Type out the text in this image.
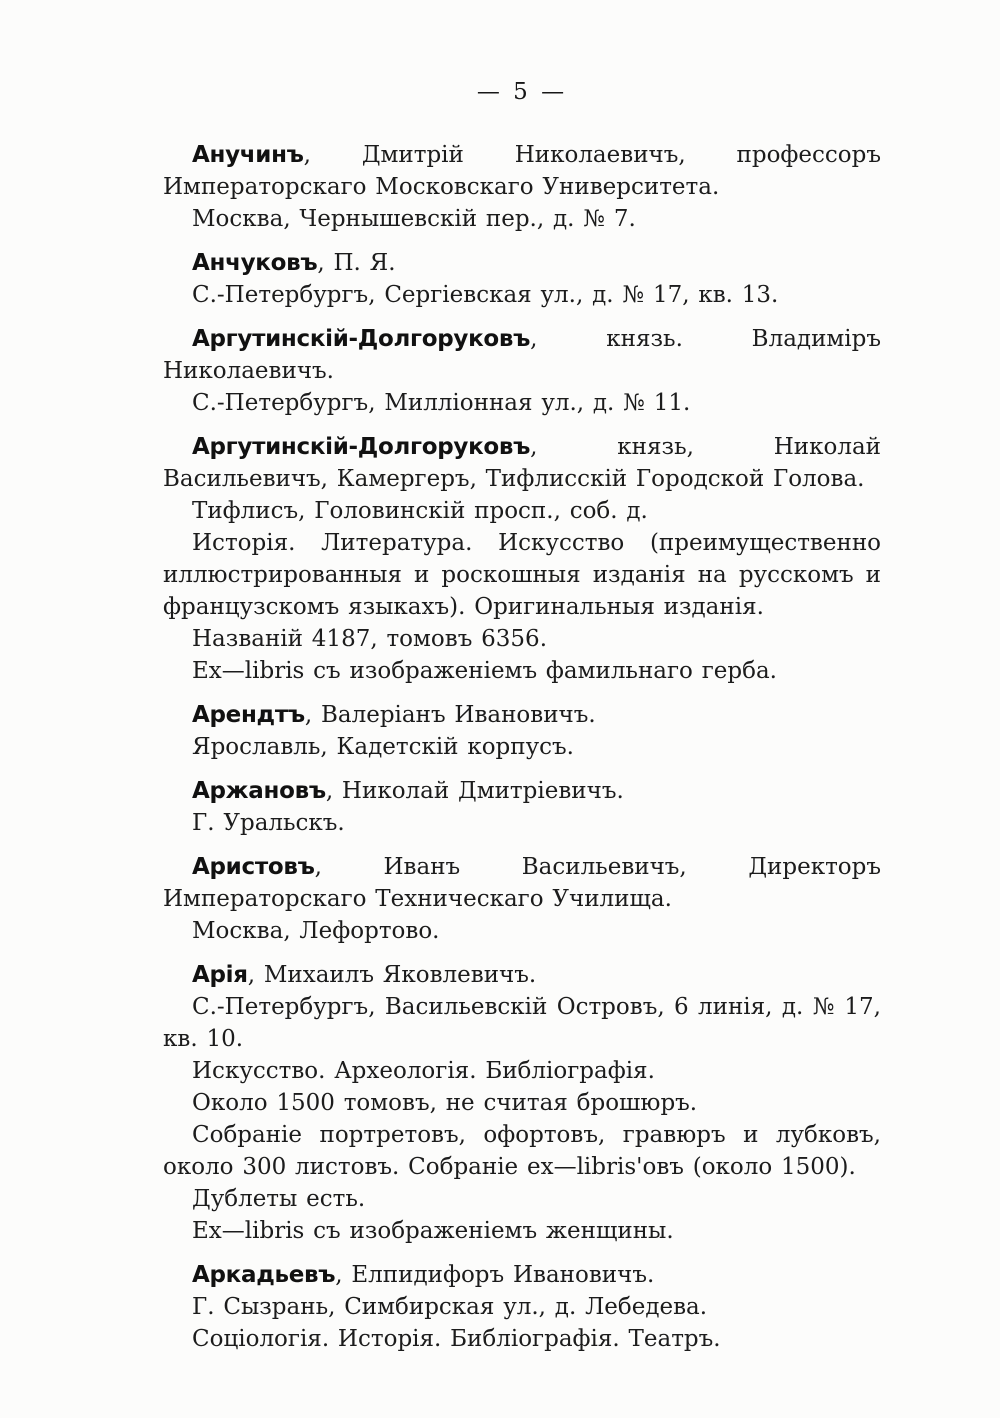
— 5 —

Анучинъ, Дмитрій Николаевичъ, профессоръ Императорскаго Московскаго Университета.

Москва, Чернышевскій пер., д. № 7.

Анчуковъ, П. Я.

С.-Петербургъ, Сергіевская ул., д. № 17, кв. 13.

Аргутинскій-Долгоруковъ, князь. Владиміръ Николаевичъ.

С.-Петербургъ, Милліонная ул., д. № 11.

Аргутинскій-Долгоруковъ, князь, Николай Васильевичъ, Камергеръ, Тифлисскій Городской Голова.

Тифлисъ, Головинскій просп., соб. д.

Исторія. Литература. Искусство (преимущественно иллюстрированныя и роскошныя изданія на русскомъ и французскомъ языкахъ). Оригинальныя изданія.

Названій 4187, томовъ 6356.

Ex—libris съ изображеніемъ фамильнаго герба.

Арендтъ, Валеріанъ Ивановичъ.

Ярославль, Кадетскій корпусъ.

Аржановъ, Николай Дмитріевичъ.

Г. Уральскъ.

Аристовъ, Иванъ Васильевичъ, Директоръ Императорскаго Техническаго Училища.

Москва, Лефортово.

Арія, Михаилъ Яковлевичъ.

С.-Петербургъ, Васильевскій Островъ, 6 линія, д. № 17, кв. 10.

Искусство. Археологія. Библіографія.

Около 1500 томовъ, не считая брошюръ.

Собраніе портретовъ, офортовъ, гравюръ и лубковъ, около 300 листовъ. Собраніе ex—libris'овъ (около 1500).

Дублеты есть.

Ex—libris съ изображеніемъ женщины.

Аркадьевъ, Елпидифоръ Ивановичъ.

Г. Сызрань, Симбирская ул., д. Лебедева.

Соціологія. Исторія. Библіографія. Театръ.
